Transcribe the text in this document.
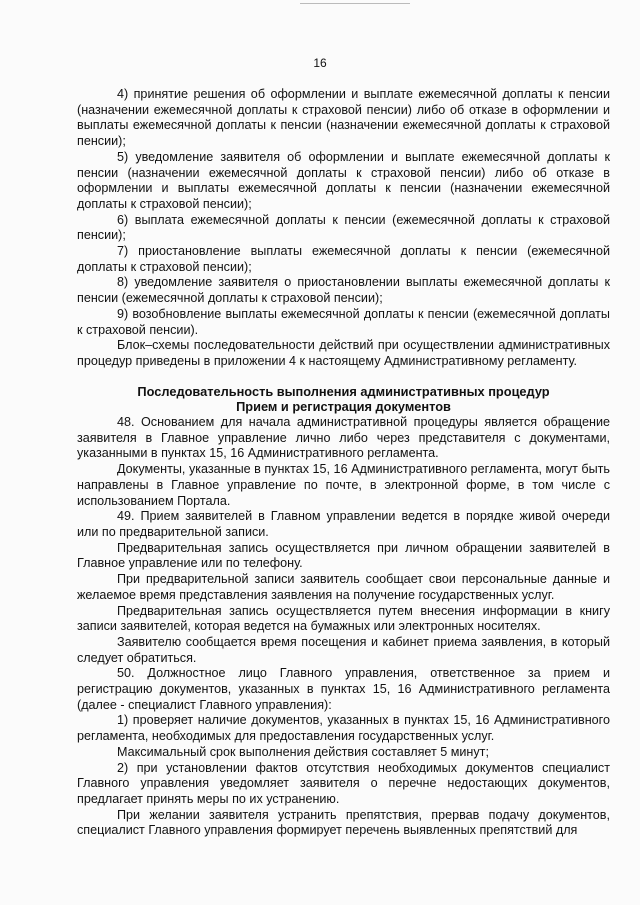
16

4) принятие решения об оформлении и выплате ежемесячной доплаты к пенсии (назначении ежемесячной доплаты к страховой пенсии) либо об отказе в оформлении и выплаты ежемесячной доплаты к пенсии (назначении ежемесячной доплаты к страховой пенсии);

5) уведомление заявителя об оформлении и выплате ежемесячной доплаты к пенсии (назначении ежемесячной доплаты к страховой пенсии) либо об отказе в оформлении и выплаты ежемесячной доплаты к пенсии (назначении ежемесячной доплаты к страховой пенсии);

6) выплата ежемесячной доплаты к пенсии (ежемесячной доплаты к страховой пенсии);

7) приостановление выплаты ежемесячной доплаты к пенсии (ежемесячной доплаты к страховой пенсии);

8) уведомление заявителя о приостановлении выплаты ежемесячной доплаты к пенсии (ежемесячной доплаты к страховой пенсии);

9) возобновление выплаты ежемесячной доплаты к пенсии (ежемесячной доплаты к страховой пенсии).

Блок–схемы последовательности действий при осуществлении административных процедур приведены в приложении 4 к настоящему Административному регламенту.

Последовательность выполнения административных процедур

Прием и регистрация документов

48. Основанием для начала административной процедуры является обращение заявителя в Главное управление лично либо через представителя с документами, указанными в пунктах 15, 16 Административного регламента.

Документы, указанные в пунктах 15, 16 Административного регламента, могут быть направлены в Главное управление по почте, в электронной форме, в том числе с использованием Портала.

49. Прием заявителей в Главном управлении ведется в порядке живой очереди или по предварительной записи.

Предварительная запись осуществляется при личном обращении заявителей в Главное управление или по телефону.

При предварительной записи заявитель сообщает свои персональные данные и желаемое время представления заявления на получение государственных услуг.

Предварительная запись осуществляется путем внесения информации в книгу записи заявителей, которая ведется на бумажных или электронных носителях.

Заявителю сообщается время посещения и кабинет приема заявления, в который следует обратиться.

50. Должностное лицо Главного управления, ответственное за прием и регистрацию документов, указанных в пунктах 15, 16 Административного регламента (далее - специалист Главного управления):

1) проверяет наличие документов, указанных в пунктах 15, 16 Административного регламента, необходимых для предоставления государственных услуг.

Максимальный срок выполнения действия составляет 5 минут;

2) при установлении фактов отсутствия необходимых документов специалист Главного управления уведомляет заявителя о перечне недостающих документов, предлагает принять меры по их устранению.

При желании заявителя устранить препятствия, прервав подачу документов, специалист Главного управления формирует перечень выявленных препятствий для
